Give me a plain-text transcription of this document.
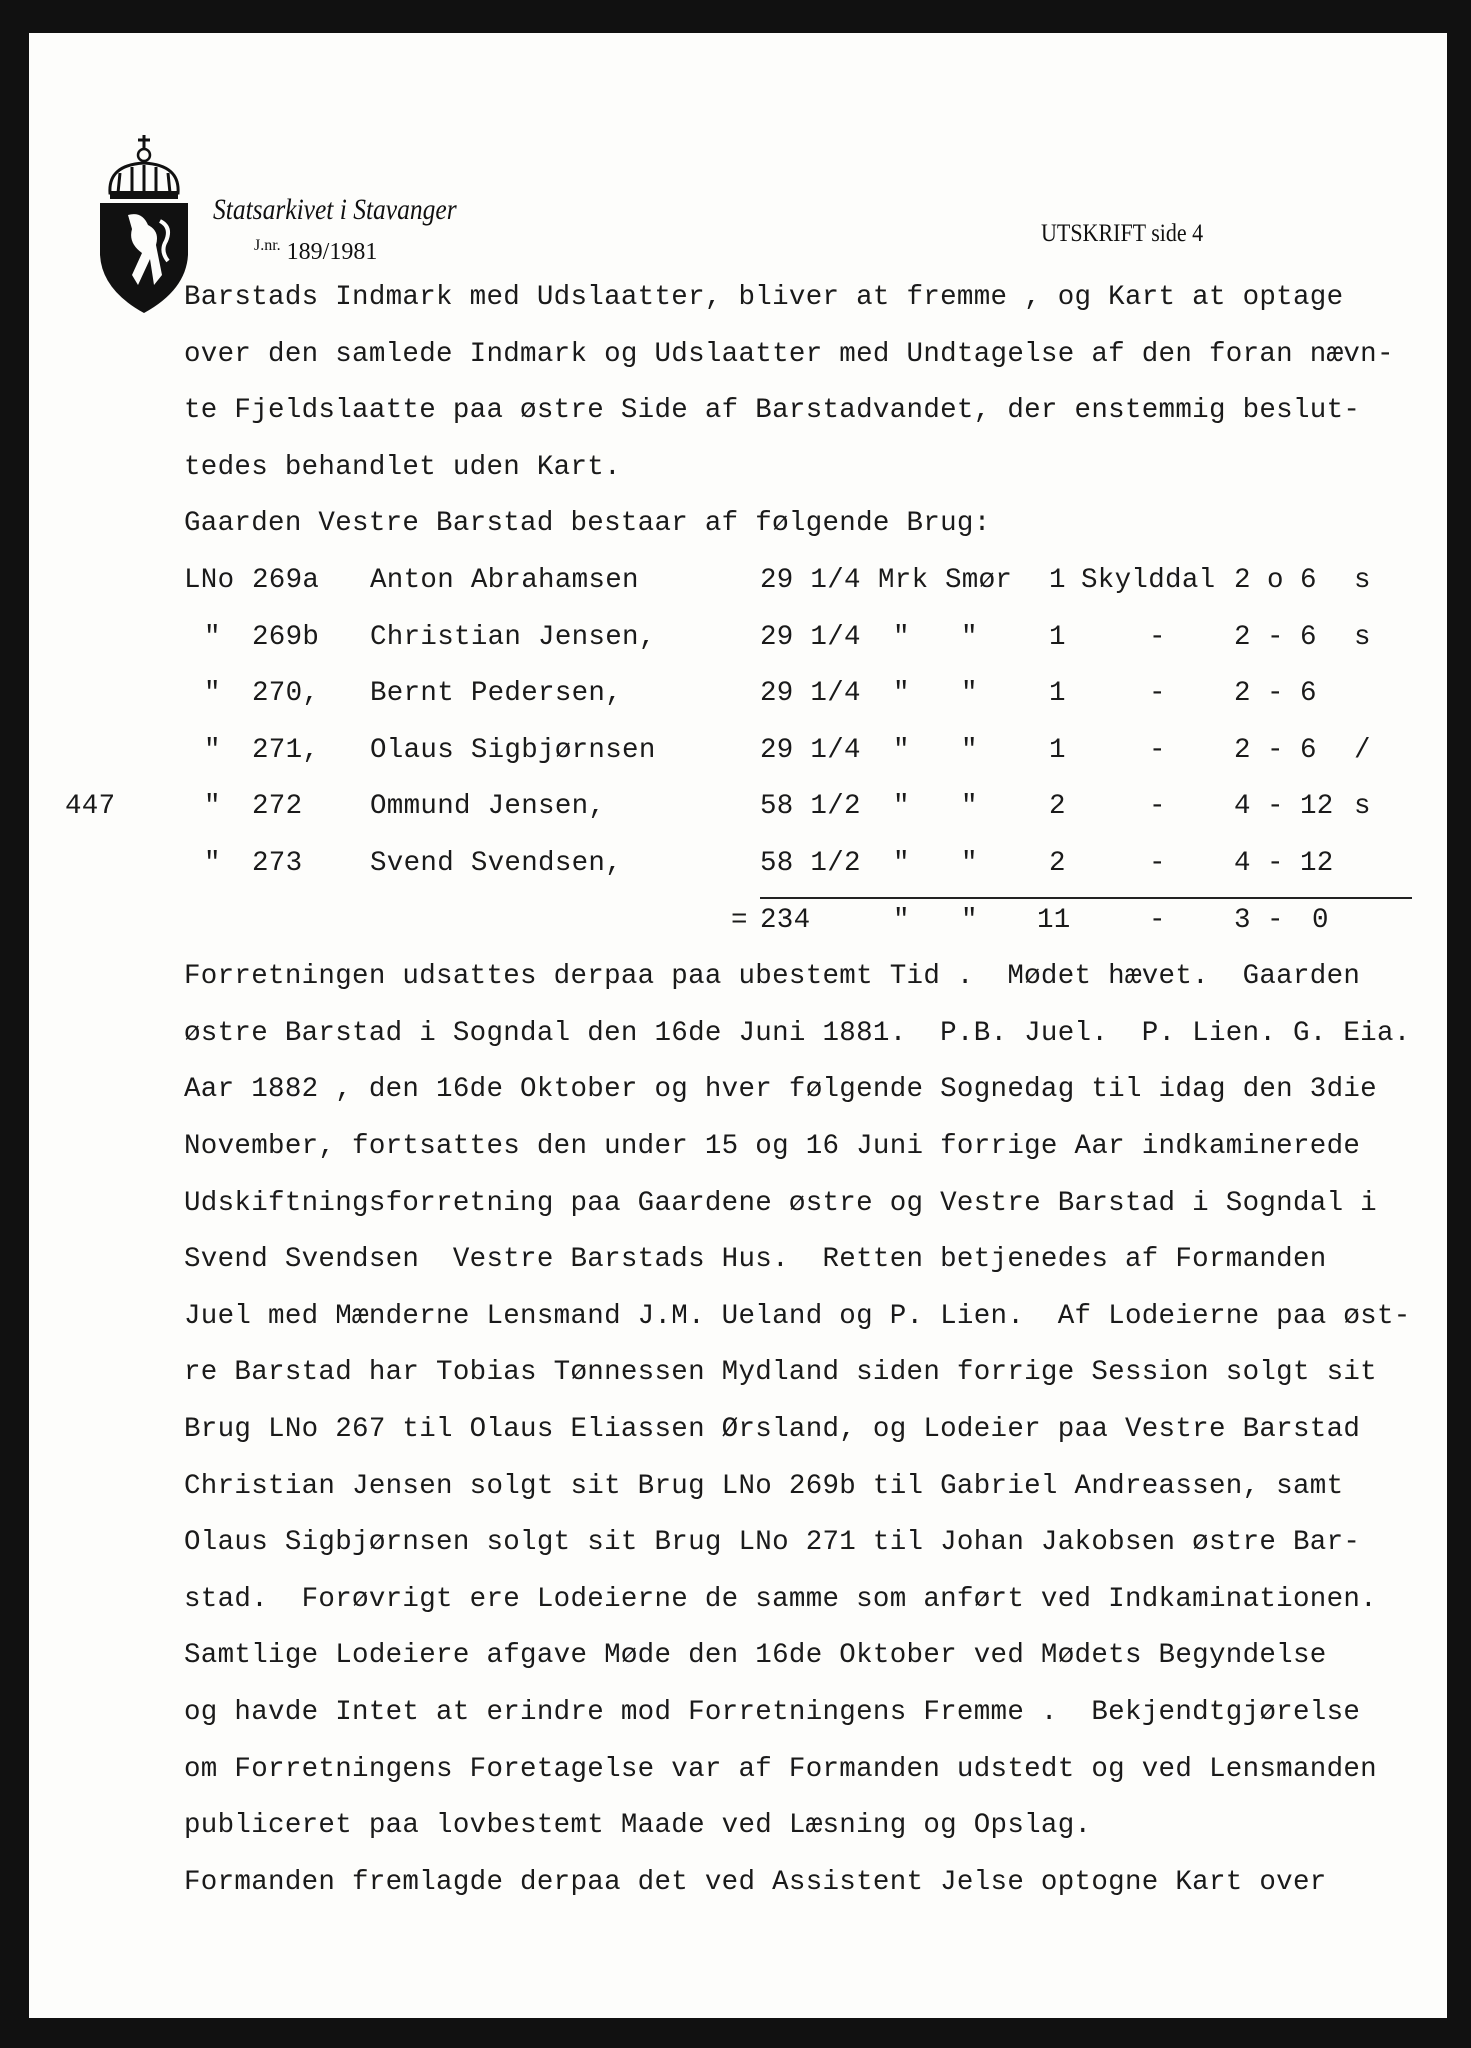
Statsarkivet i Stavanger
$^{J.nr.}$ 189/1981
UTSKRIFT side 4
Barstads Indmark med Udslaatter, bliver at fremme , og Kart at optage
over den samlede Indmark og Udslaatter med Undtagelse af den foran nævn-
te Fjeldslaatte paa østre Side af Barstadvandet, der enstemmig beslut-
tedes behandlet uden Kart.
Gaarden Vestre Barstad bestaar af følgende Brug:
LNo 269a Anton Abrahamsen	29 1/4 Mrk Smør 1 Skylddal 2 o 6 s
" 269b Christian Jensen,	29 1/4 " "	1	- 2 - 6 s
" 270, Bernt Pedersen,	29 1/4 " "	1	- 2 - 6
" 271, Olaus Sigbjørnsen	29 1/4 " "	1	- 2 - 6 /
447	" 272 Ommund Jensen,	58 1/2 " "	2	- 4 - 12 s
" 273 Svend Svendsen,	58 1/2 " "	2	- 4 - 12
= 234	" " 11	- 3 - 0
Forretningen udsattes derpaa paa ubestemt Tid .  Mødet hævet.  Gaarden
østre Barstad i Sogndal den 16de Juni 1881.  P.B. Juel.  P. Lien. G. Eia.
Aar 1882 , den 16de Oktober og hver følgende Sognedag til idag den 3die
November, fortsattes den under 15 og 16 Juni forrige Aar indkaminerede
Udskiftningsforretning paa Gaardene østre og Vestre Barstad i Sogndal i
Svend Svendsen  Vestre Barstads Hus.  Retten betjenedes af Formanden
Juel med Mænderne Lensmand J.M. Ueland og P. Lien.  Af Lodeierne paa øst-
re Barstad har Tobias Tønnessen Mydland siden forrige Session solgt sit
Brug LNo 267 til Olaus Eliassen Ørsland, og Lodeier paa Vestre Barstad
Christian Jensen solgt sit Brug LNo 269b til Gabriel Andreassen, samt
Olaus Sigbjørnsen solgt sit Brug LNo 271 til Johan Jakobsen østre Bar-
stad.  Forøvrigt ere Lodeierne de samme som anført ved Indkaminationen.
Samtlige Lodeiere afgave Møde den 16de Oktober ved Mødets Begyndelse
og havde Intet at erindre mod Forretningens Fremme .  Bekjendtgjørelse
om Forretningens Foretagelse var af Formanden udstedt og ved Lensmanden
publiceret paa lovbestemt Maade ved Læsning og Opslag.
Formanden fremlagde derpaa det ved Assistent Jelse optogne Kart over
